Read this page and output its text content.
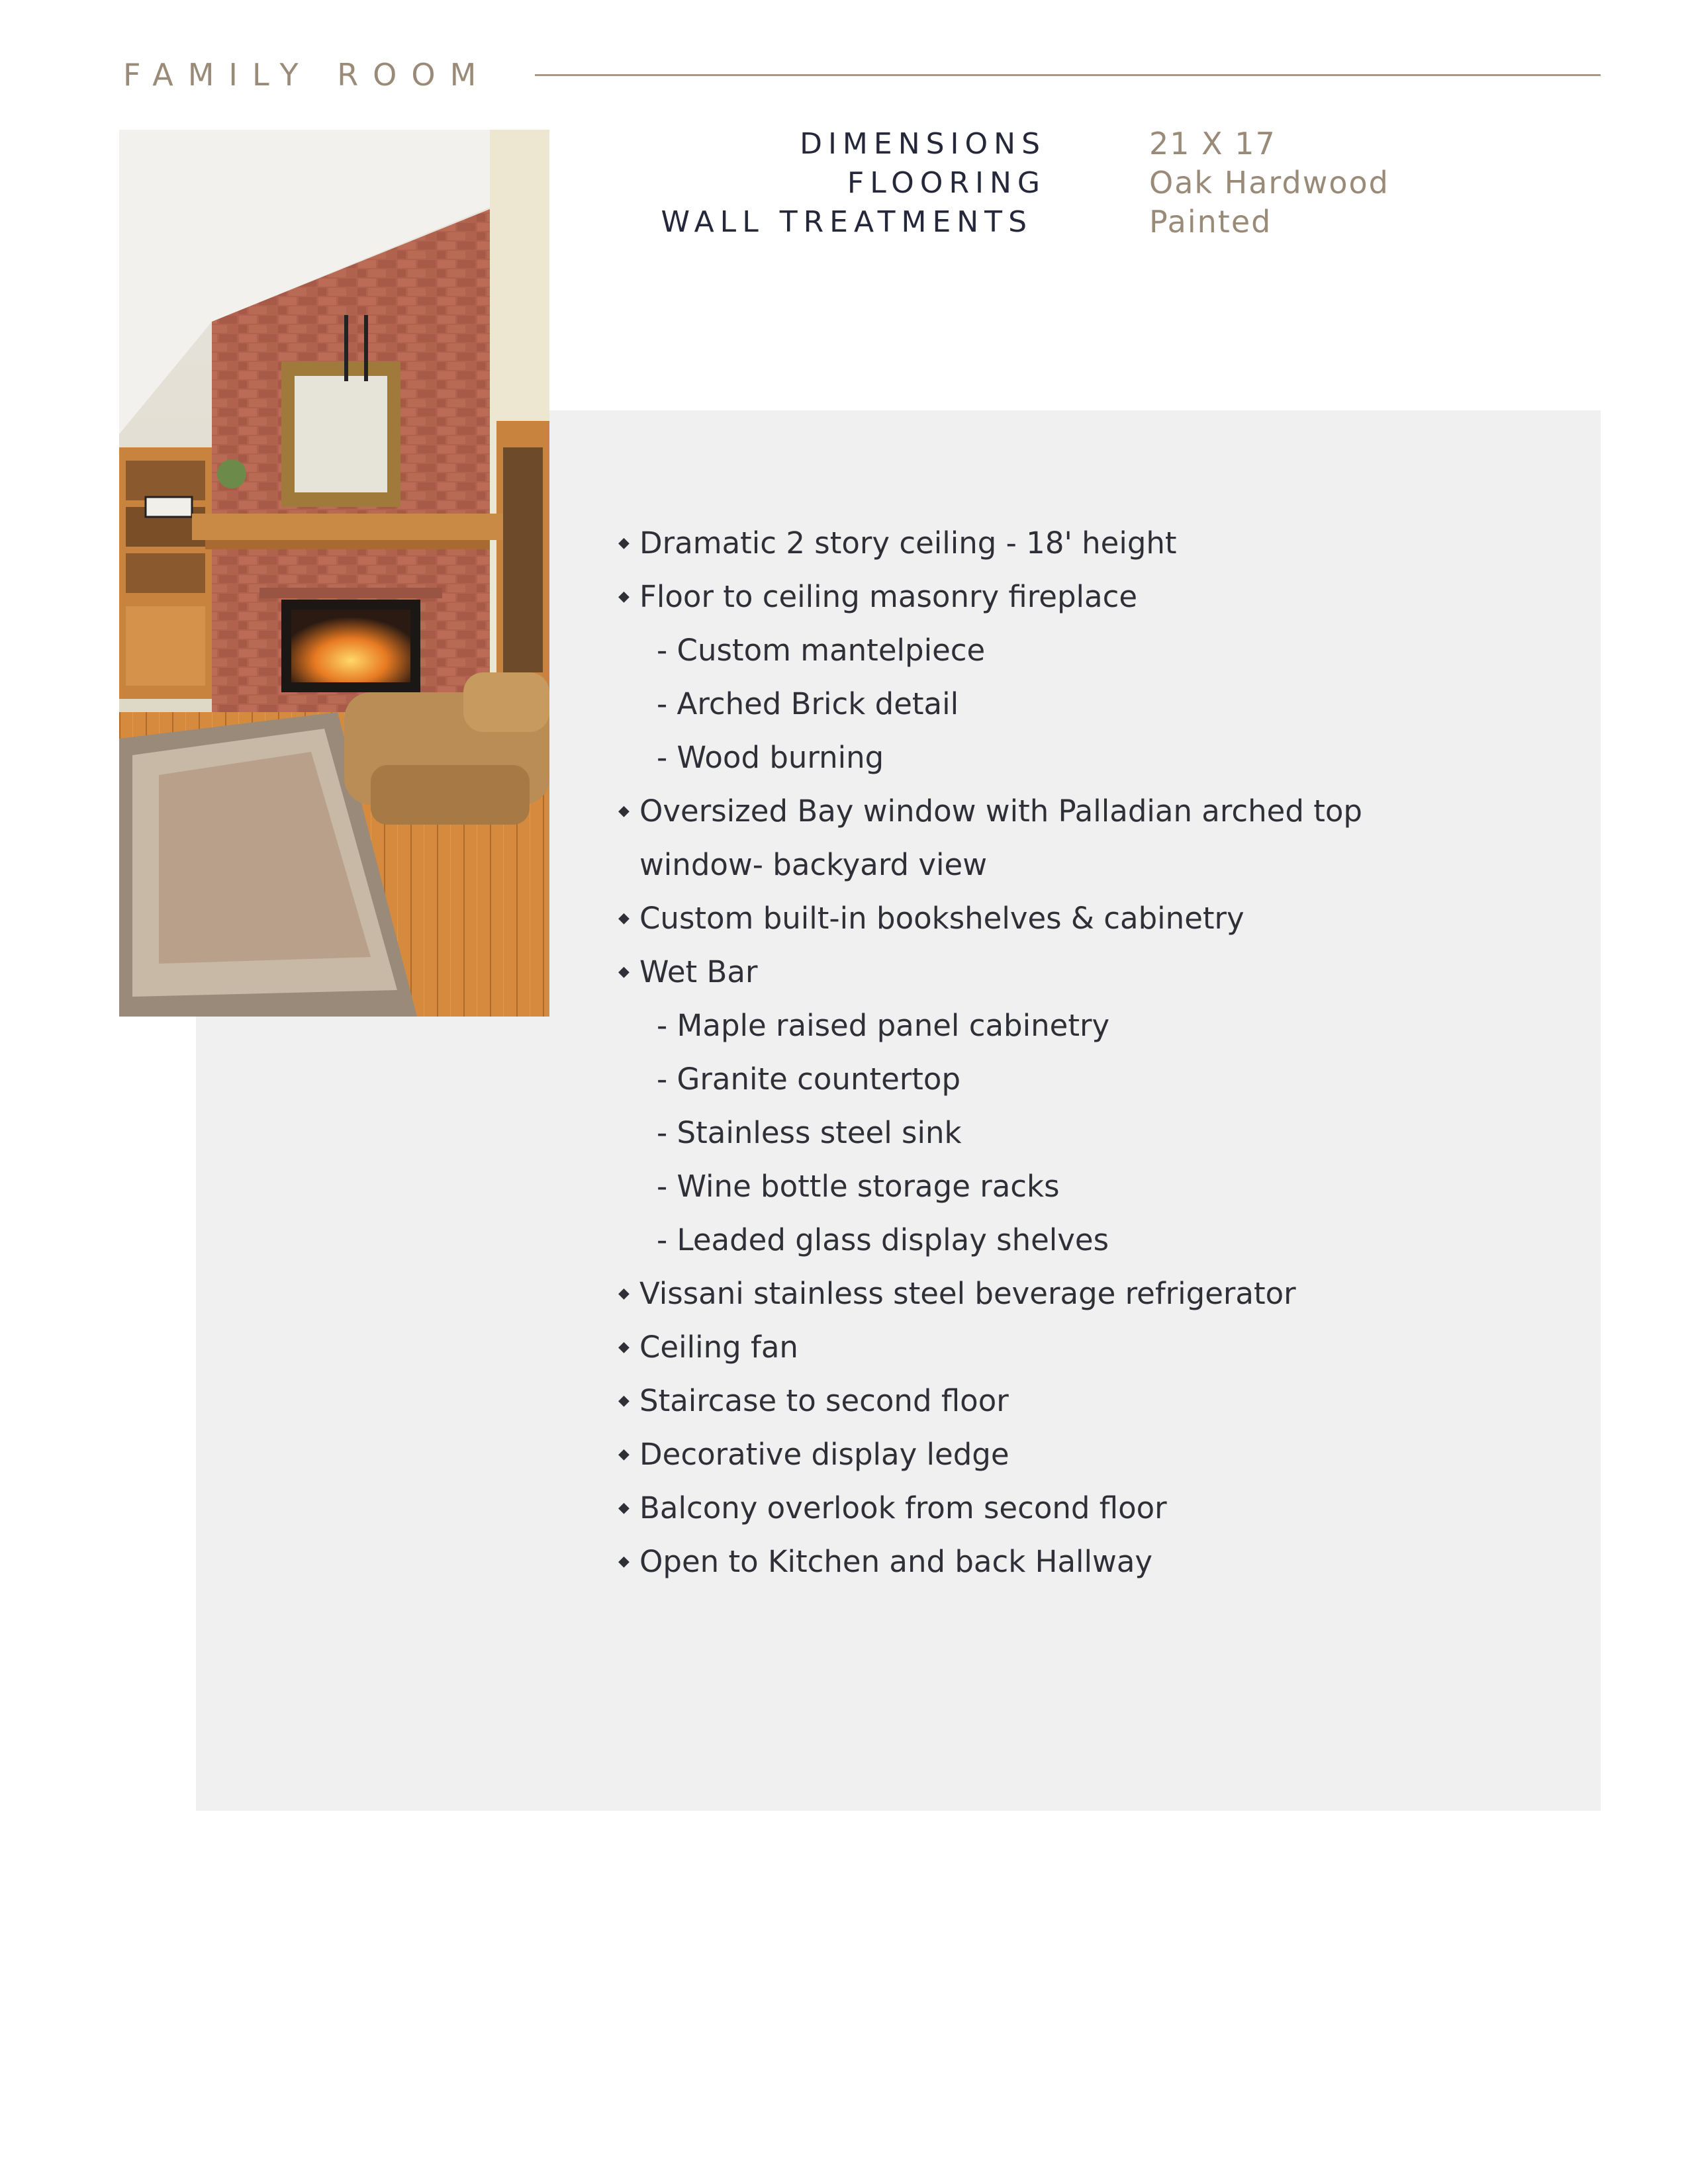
FAMILY ROOM
DIMENSIONS	21 X 17
FLOORING	Oak Hardwood
WALL TREATMENTS	Painted
◆ Dramatic 2 story ceiling - 18' height
◆ Floor to ceiling masonry fireplace
- Custom mantelpiece
- Arched Brick detail
- Wood burning
◆ Oversized Bay window with Palladian arched top
window- backyard view
◆ Custom built-in bookshelves & cabinetry
◆ Wet Bar
- Maple raised panel cabinetry
- Granite countertop
- Stainless steel sink
- Wine bottle storage racks
- Leaded glass display shelves
◆ Vissani stainless steel beverage refrigerator
◆ Ceiling fan
◆ Staircase to second floor
◆ Decorative display ledge
◆ Balcony overlook from second floor
◆ Open to Kitchen and back Hallway
